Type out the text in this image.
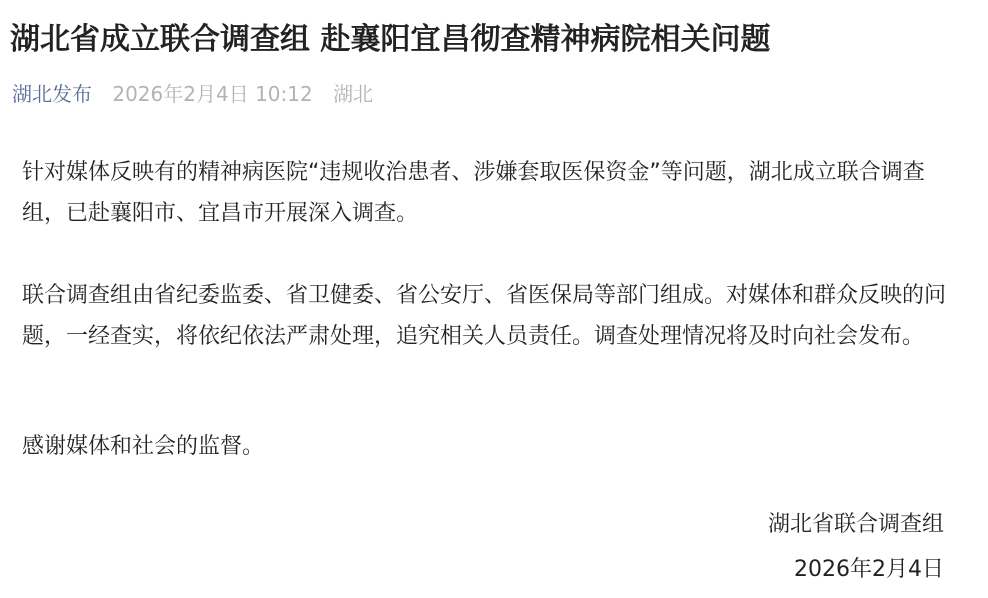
湖北省成立联合调查组 赴襄阳宜昌彻查精神病院相关问题
湖北发布 2026年2月4日 10:12 湖北

针对媒体反映有的精神病医院“违规收治患者、涉嫌套取医保资金”等问题，湖北成立联合调查组，已赴襄阳市、宜昌市开展深入调查。

联合调查组由省纪委监委、省卫健委、省公安厅、省医保局等部门组成。对媒体和群众反映的问题，一经查实，将依纪依法严肃处理，追究相关人员责任。调查处理情况将及时向社会发布。

感谢媒体和社会的监督。

湖北省联合调查组

2026年2月4日
